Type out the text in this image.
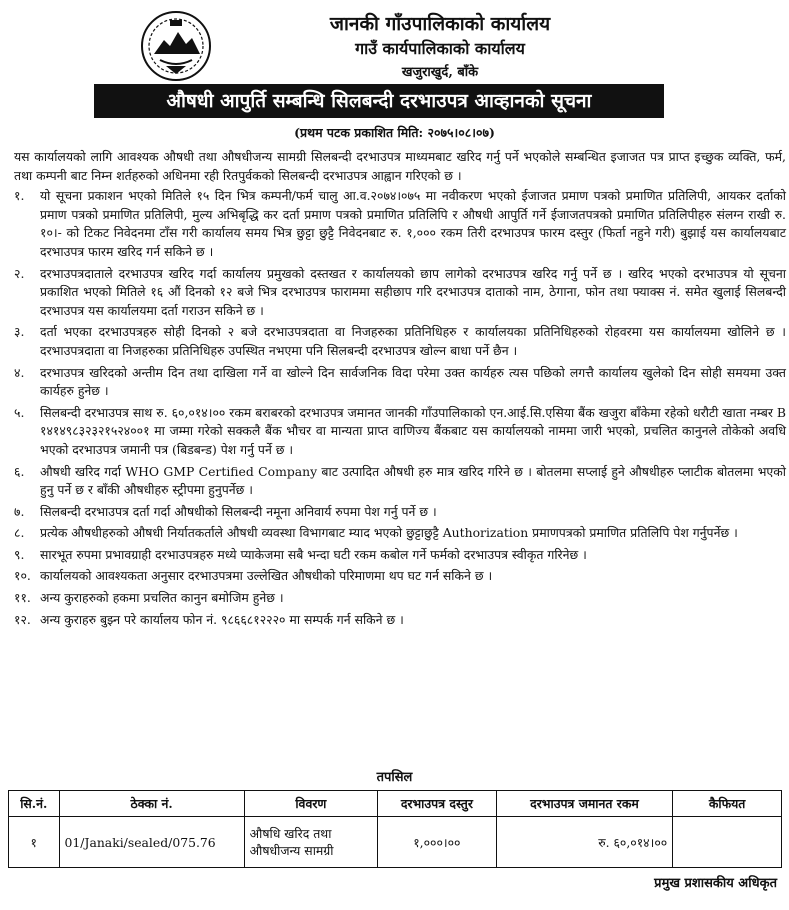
जानकी गाँउपालिकाको कार्यालय
गाउँ कार्यपालिकाको कार्यालय
खजुराखुर्द, बाँके
औषधी आपुर्ति सम्बन्धि सिलबन्दी दरभाउपत्र आव्हानको सूचना
(प्रथम पटक प्रकाशित मिति: २०७५।०८।०७)

यस कार्यालयको लागि आवश्यक औषधी तथा औषधीजन्य सामग्री सिलबन्दी दरभाउपत्र माध्यमबाट खरिद गर्नु पर्ने भएकोले सम्बन्धित इजाजत पत्र प्राप्त इच्छुक व्यक्ति, फर्म, तथा कम्पनी बाट निम्न शर्तहरुको अधिनमा रही रितपुर्वकको सिलबन्दी दरभाउपत्र आह्वान गरिएको छ ।

१.	यो सूचना प्रकाशन भएको मितिले १५ दिन भित्र कम्पनी/फर्म चालु आ.व.२०७४।०७५ मा नवीकरण भएको ईजाजत प्रमाण पत्रको प्रमाणित प्रतिलिपी, आयकर दर्ताको प्रमाण पत्रको प्रमाणित प्रतिलिपी, मुल्य अभिबृद्धि कर दर्ता प्रमाण पत्रको प्रमाणित प्रतिलिपि र औषधी आपुर्ति गर्ने ईजाजतपत्रको प्रमाणित प्रतिलिपीहरु संलग्न राखी रु. १०।- को टिकट निवेदनमा टाँस गरी कार्यालय समय भित्र छुट्टा छुट्टै निवेदनबाट रु. १,००० रकम तिरी दरभाउपत्र फारम दस्तुर (फिर्ता नहुने गरी) बुझाई यस कार्यालयबाट दरभाउपत्र फारम खरिद गर्न सकिने छ ।
२.	दरभाउपत्रदाताले दरभाउपत्र खरिद गर्दा कार्यालय प्रमुखको दस्तखत र कार्यालयको छाप लागेको दरभाउपत्र खरिद गर्नु पर्ने छ । खरिद भएको दरभाउपत्र यो सूचना प्रकाशित भएको मितिले १६ औं दिनको १२ बजे भित्र दरभाउपत्र फाराममा सहीछाप गरि दरभाउपत्र दाताको नाम, ठेगाना, फोन तथा फ्याक्स नं. समेत खुलाई सिलबन्दी दरभाउपत्र यस कार्यालयमा दर्ता गराउन सकिने छ ।
३.	दर्ता भएका दरभाउपत्रहरु सोही दिनको २ बजे दरभाउपत्रदाता वा निजहरुका प्रतिनिधिहरु र कार्यालयका प्रतिनिधिहरुको रोहवरमा यस कार्यालयमा खोलिने छ । दरभाउपत्रदाता वा निजहरुका प्रतिनिधिहरु उपस्थित नभएमा पनि सिलबन्दी दरभाउपत्र खोल्न बाधा पर्ने छैन ।
४.	दरभाउपत्र खरिदको अन्तीम दिन तथा दाखिला गर्ने वा खोल्ने दिन सार्वजनिक विदा परेमा उक्त कार्यहरु त्यस पछिको लगत्तै कार्यालय खुलेको दिन सोही समयमा उक्त कार्यहरु हुनेछ ।
५.	सिलबन्दी दरभाउपत्र साथ रु. ६०,०१४।०० रकम बराबरको दरभाउपत्र जमानत जानकी गाँउपालिकाको एन.आई.सि.एसिया बैंक खजुरा बाँकेमा रहेको धरौटी खाता नम्बर B १४१४९८३२३२१५२४००१ मा जम्मा गरेको सक्कलै बैंक भौचर वा मान्यता प्राप्त वाणिज्य बैंकबाट यस कार्यालयको नाममा जारी भएको, प्रचलित कानुनले तोकेको अवधि भएको दरभाउपत्र जमानी पत्र (बिडबन्ड) पेश गर्नु पर्ने छ ।
६.	औषधी खरिद गर्दा WHO GMP Certified Company बाट उत्पादित औषधी हरु मात्र खरिद गरिने छ । बोतलमा सप्लाई हुने औषधीहरु प्लाटीक बोतलमा भएको हुनु पर्ने छ र बाँकी औषधीहरु स्ट्रीपमा हुनुपर्नेछ ।
७.	सिलबन्दी दरभाउपत्र दर्ता गर्दा औषधीको सिलबन्दी नमूना अनिवार्य रुपमा पेश गर्नु पर्ने छ ।
८.	प्रत्येक औषधीहरुको औषधी निर्यातकर्ताले औषधी व्यवस्था विभागबाट म्याद भएको छुट्टाछुट्टै Authorization प्रमाणपत्रको प्रमाणित प्रतिलिपि पेश गर्नुपर्नेछ ।
९.	सारभूत रुपमा प्रभावग्राही दरभाउपत्रहरु मध्ये प्याकेजमा सबै भन्दा घटी रकम कबोल गर्ने फर्मको दरभाउपत्र स्वीकृत गरिनेछ ।
१०. कार्यालयको आवश्यकता अनुसार दरभाउपत्रमा उल्लेखित औषधीको परिमाणमा थप घट गर्न सकिने छ ।
११. अन्य कुराहरुको हकमा प्रचलित कानुन बमोजिम हुनेछ ।
१२. अन्य कुराहरु बुझ्न परे कार्यालय फोन नं. ९८६६८१२२२० मा सम्पर्क गर्न सकिने छ ।
तपसिल
सि.नं.	ठेक्का नं.	विवरण	दरभाउपत्र दस्तुर	दरभाउपत्र जमानत रकम	कैफियत
१	01/Janaki/sealed/075.76	औषधि खरिद तथा औषधीजन्य सामग्री	१,०००।००	रु. ६०,०१४।००	
प्रमुख प्रशासकीय अधिकृत
